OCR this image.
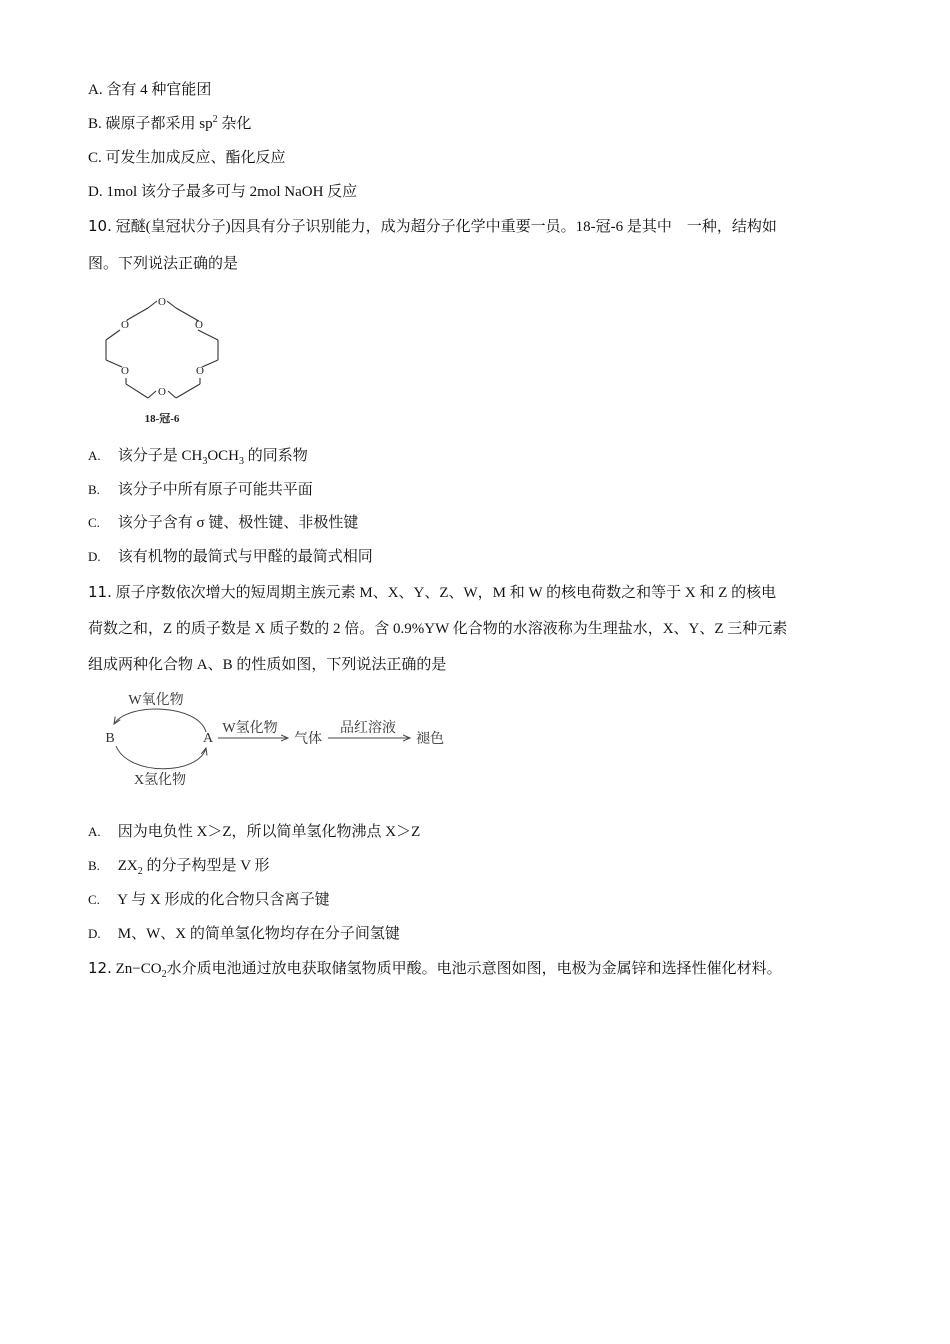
A. 含有 4 种官能团
B. 碳原子都采用 $sp^2$ 杂化
C. 可发生加成反应、酯化反应
D. 1mol 该分子最多可与 2mol NaOH 反应
10. 冠醚(皇冠状分子)因具有分子识别能力，成为超分子化学中重要一员。18-冠-6 是其中　一种，结构如
图。下列说法正确的是
O
O	O
O	O
O
18-冠-6
A. 该分子是 $CH_3OCH_3$ 的同系物
B. 该分子中所有原子可能共平面
C. 该分子含有 σ 键、极性键、非极性键
D. 该有机物的最简式与甲醛的最简式相同
11. 原子序数依次增大的短周期主族元素 M、X、Y、Z、W，M 和 W 的核电荷数之和等于 X 和 Z 的核电
荷数之和，Z 的质子数是 X 质子数的 2 倍。含 0.9%YW 化合物的水溶液称为生理盐水，X、Y、Z 三种元素
组成两种化合物 A、B 的性质如图，下列说法正确的是
W氧化物
B	A
X氢化物
W氢化物
气体
品红溶液
褪色
A. 因为电负性 X＞Z，所以简单氢化物沸点 X＞Z
B. $ZX_2$ 的分子构型是 V 形
C. Y 与 X 形成的化合物只含离子键
D. M、W、X 的简单氢化物均存在分子间氢键
12. $Zn-CO_2$水介质电池通过放电获取储氢物质甲酸。电池示意图如图，电极为金属锌和选择性催化材料。
